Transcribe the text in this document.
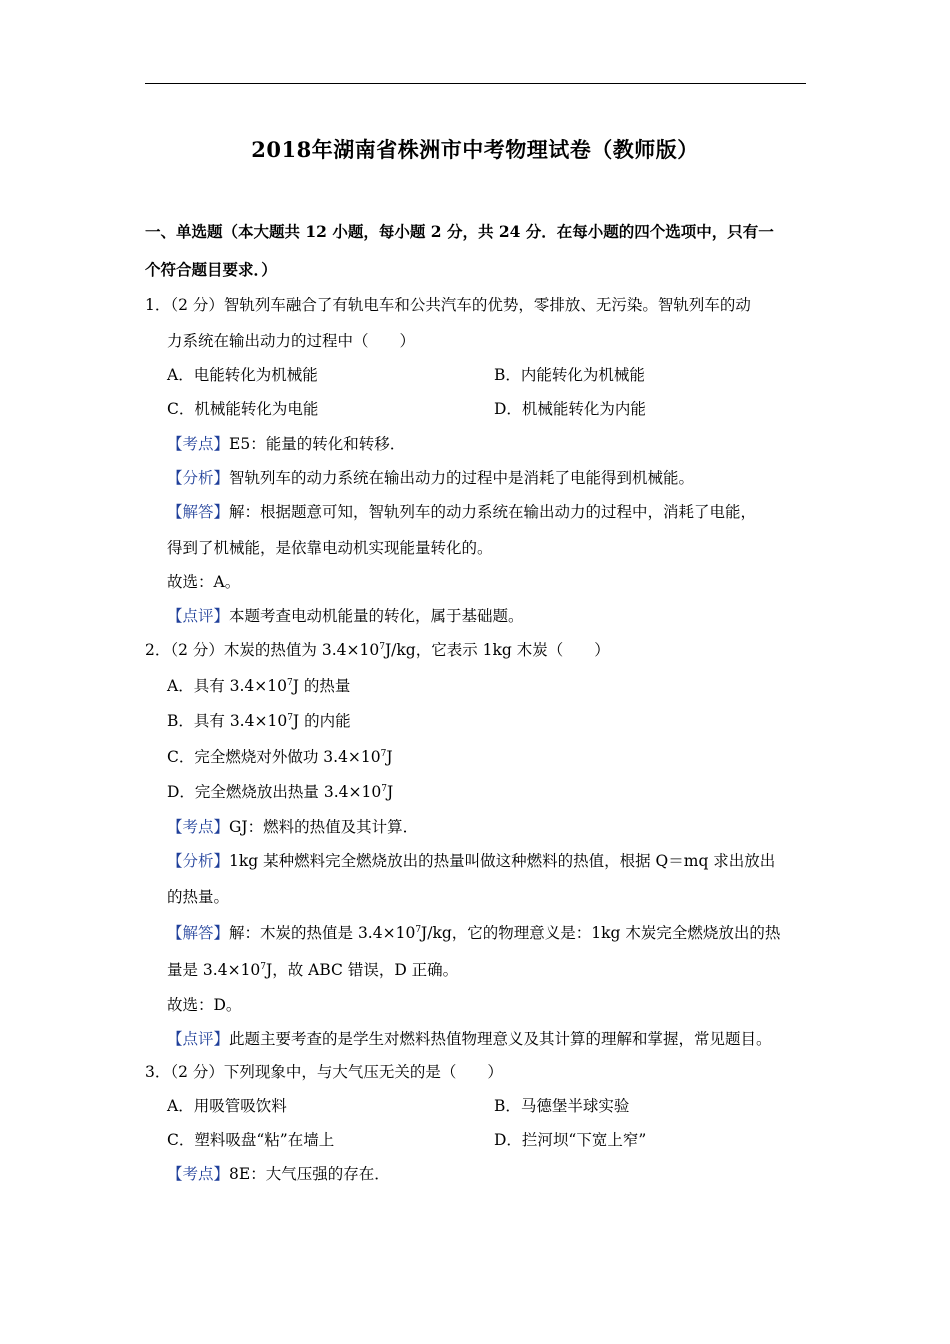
2018年湖南省株洲市中考物理试卷（教师版）
一、单选题（本大题共 12 小题，每小题 2 分，共 24 分．在每小题的四个选项中，只有一
个符合题目要求．）
1．（2 分）智轨列车融合了有轨电车和公共汽车的优势，零排放、无污染。智轨列车的动
力系统在输出动力的过程中（　　）
A．电能转化为机械能	B．内能转化为机械能
C．机械能转化为电能	D．机械能转化为内能
【考点】E5：能量的转化和转移．
【分析】智轨列车的动力系统在输出动力的过程中是消耗了电能得到机械能。
【解答】解：根据题意可知，智轨列车的动力系统在输出动力的过程中，消耗了电能，
得到了机械能，是依靠电动机实现能量转化的。
故选：A。
【点评】本题考查电动机能量的转化，属于基础题。
2．（2 分）木炭的热值为 $3.4\times 10^7J/kg$，它表示 1kg 木炭（　　）
A．具有 $3.4\times 10^7J$ 的热量
B．具有 $3.4\times 10^7J$ 的内能
C．完全燃烧对外做功 $3.4\times 10^7J$
D．完全燃烧放出热量 $3.4\times 10^7J$
【考点】GJ：燃料的热值及其计算．
【分析】1kg 某种燃料完全燃烧放出的热量叫做这种燃料的热值，根据 Q＝mq 求出放出
的热量。
【解答】解：木炭的热值是 $3.4\times 10^7J/kg$，它的物理意义是：1kg 木炭完全燃烧放出的热
量是 $3.4\times 10^7J$，故 ABC 错误，D 正确。
故选：D。
【点评】此题主要考查的是学生对燃料热值物理意义及其计算的理解和掌握，常见题目。
3．（2 分）下列现象中，与大气压无关的是（　　）
A．用吸管吸饮料	B．马德堡半球实验
C．塑料吸盘“粘”在墙上	D．拦河坝“下宽上窄”
【考点】8E：大气压强的存在．
